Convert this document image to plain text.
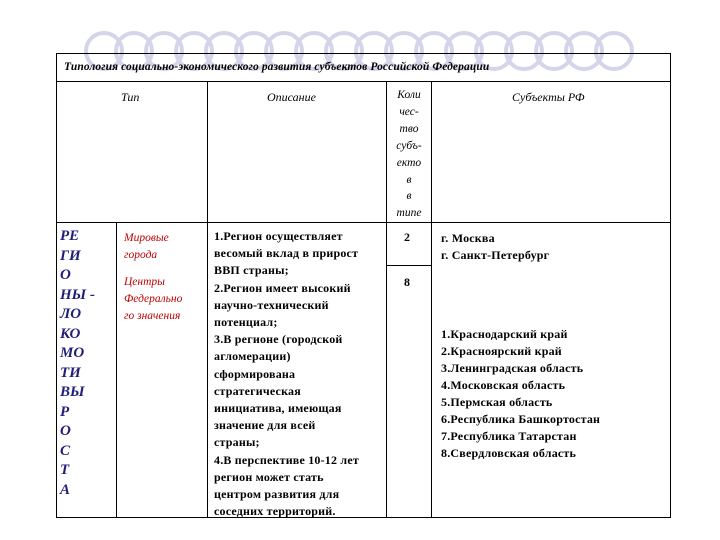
Типология социально-экономического развития субъектов Российской Федерации
Тип	Описание	Субъекты РФ
Коли
чес-
тво
субъ-
екто
в
в
типе
РЕ
ГИ
О
НЫ -
ЛО
КО
МО
ТИ
ВЫ
Р
О
С
Т
А
Мировые
города
Центры
Федерально
го значения
1.Регион осуществляет
весомый вклад в прирост
ВВП страны;
2.Регион имеет высокий
научно-технический
потенциал;
3.В регионе (городской
агломерации)
сформирована
стратегическая
инициатива, имеющая
значение для всей
страны;
4.В перспективе 10-12 лет
регион может стать
центром развития для
соседних территорий.
2
8
г. Москва
г. Санкт-Петербург
1.Краснодарский край
2.Красноярский край
3.Ленинградская область
4.Московская область
5.Пермская область
6.Республика Башкортостан
7.Республика Татарстан
8.Свердловская область
